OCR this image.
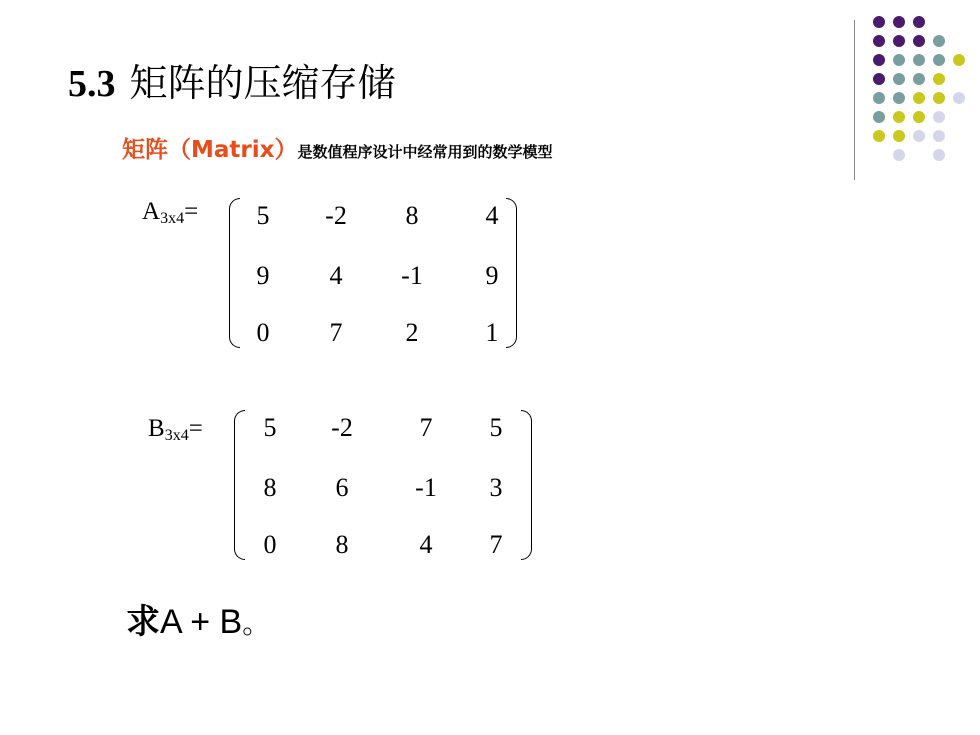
5.3 矩阵的压缩存储
矩阵（Matrix）是数值程序设计中经常用到的数学模型
$A_{3x4}=$	5	-2	8	4
9	4	-1	9
0	7	2	1
$B_{3x4}=$	5	-2	7	5
8	6	-1	3
0	8	4	7
求A + B。
